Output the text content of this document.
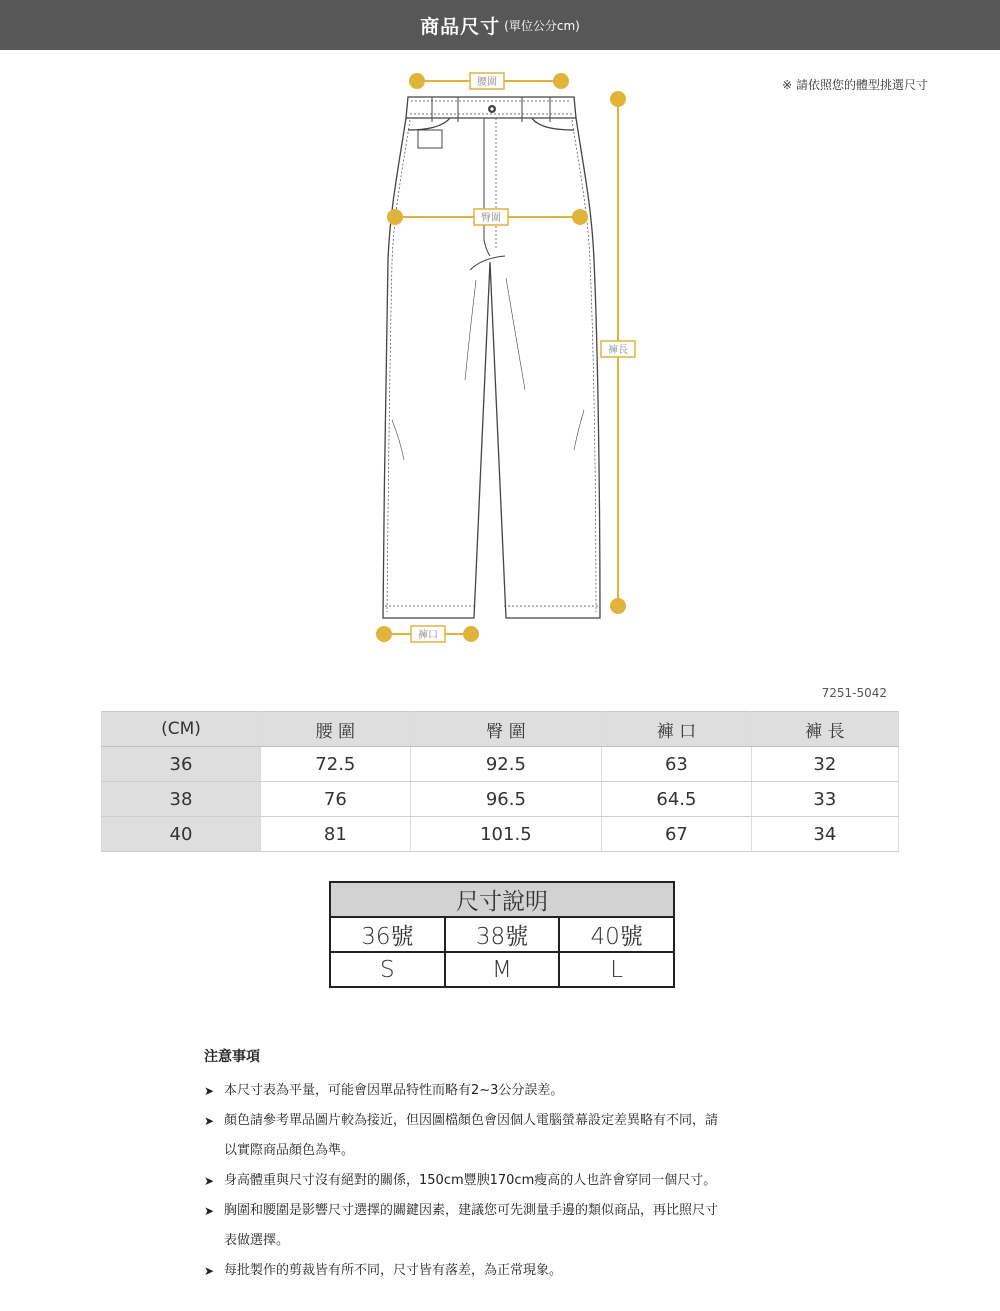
商品尺寸 (單位公分cm)
※ 請依照您的體型挑選尺寸
腰圍
臀圍
褲長
褲口
7251-5042
(CM)	腰 圍	臀 圍	褲 口	褲 長
36	72.5	92.5	63	32
38	76	96.5	64.5	33
40	81	101.5	67	34
尺寸說明		
36號	38號	40號
S	M	L
注意事項
➤ 本尺寸表為平量，可能會因單品特性而略有2~3公分誤差。
➤ 顏色請參考單品圖片較為接近，但因圖檔顏色會因個人電腦螢幕設定差異略有不同，請
以實際商品顏色為準。
➤ 身高體重與尺寸沒有絕對的關係，150cm豐腴170cm瘦高的人也許會穿同一個尺寸。
➤ 胸圍和腰圍是影響尺寸選擇的關鍵因素，建議您可先測量手邊的類似商品，再比照尺寸
表做選擇。
➤ 每批製作的剪裁皆有所不同，尺寸皆有落差，為正常現象。
